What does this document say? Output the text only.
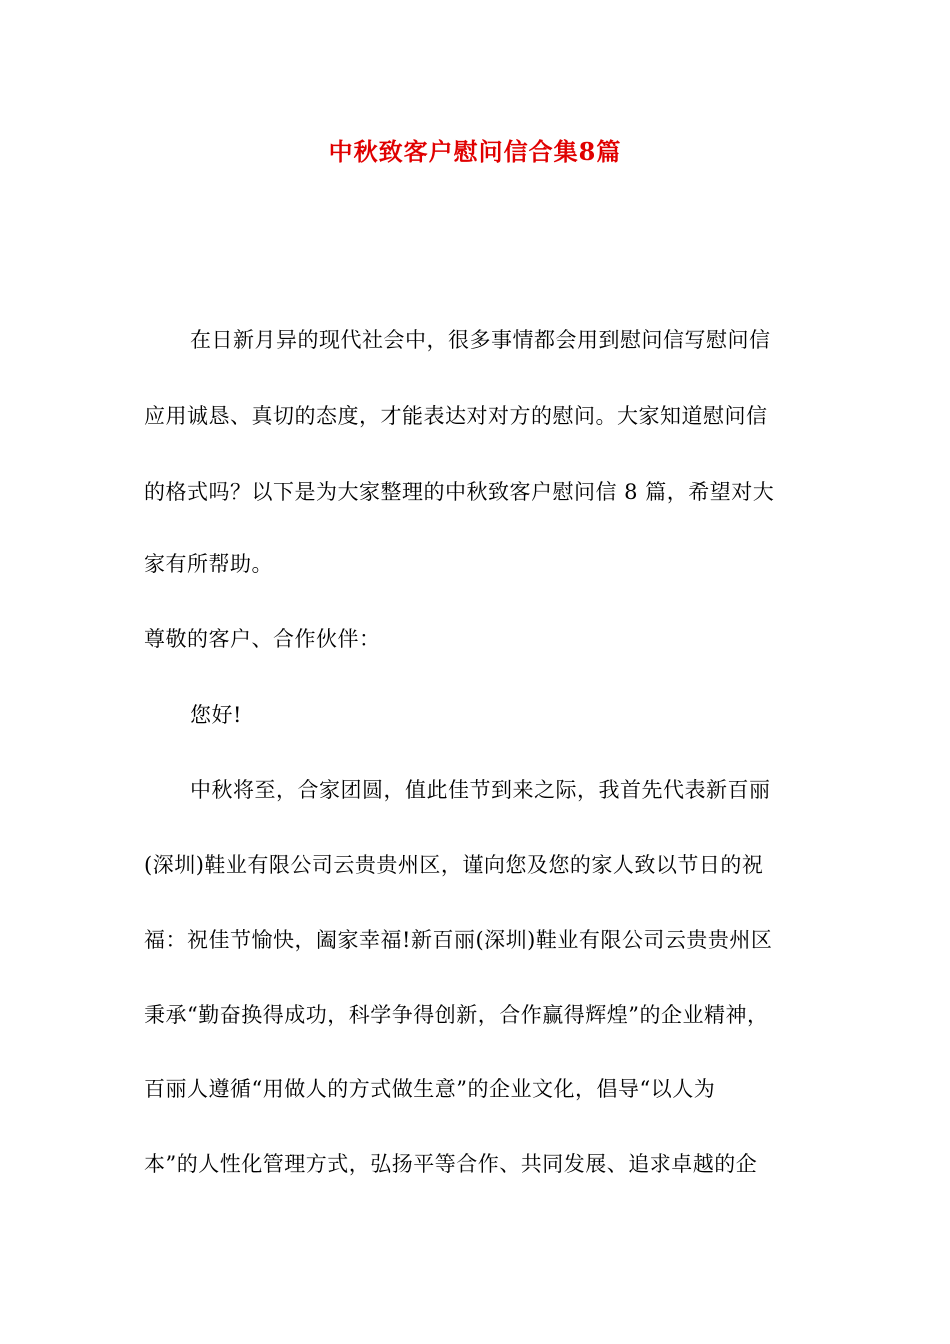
中秋致客户慰问信合集8篇
在日新月异的现代社会中，很多事情都会用到慰问信写慰问信
应用诚恳、真切的态度，才能表达对对方的慰问。大家知道慰问信
的格式吗？以下是为大家整理的中秋致客户慰问信 8 篇，希望对大
家有所帮助。
尊敬的客户、合作伙伴：
您好!
中秋将至，合家团圆，值此佳节到来之际，我首先代表新百丽
(深圳)鞋业有限公司云贵贵州区，谨向您及您的家人致以节日的祝
福：祝佳节愉快，阖家幸福!新百丽(深圳)鞋业有限公司云贵贵州区
秉承“勤奋换得成功，科学争得创新，合作赢得辉煌”的企业精神，
百丽人遵循“用做人的方式做生意”的企业文化，倡导“以人为
本”的人性化管理方式，弘扬平等合作、共同发展、追求卓越的企
